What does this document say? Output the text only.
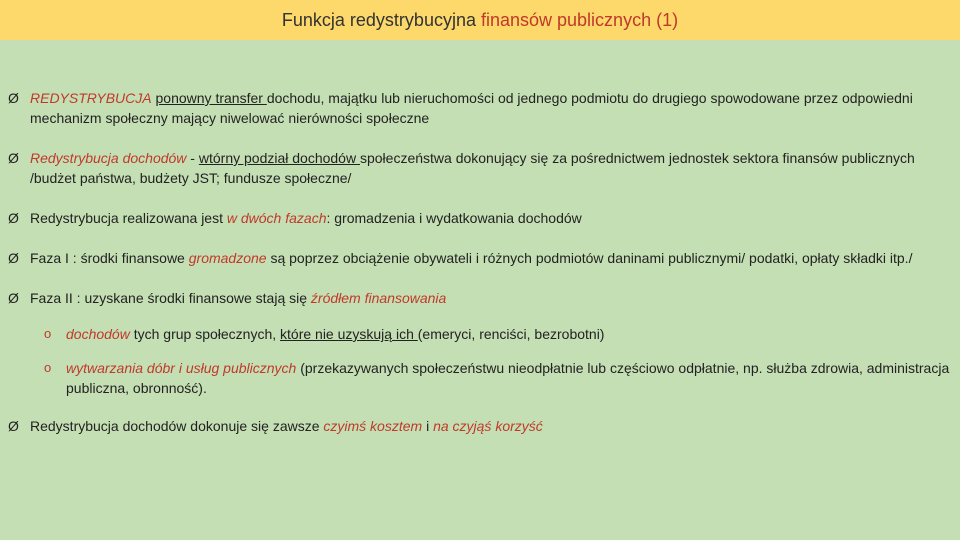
Funkcja redystrybucyjna finansów publicznych (1)
Ø REDYSTRYBUCJA ponowny transfer dochodu, majątku lub nieruchomości od jednego podmiotu do drugiego spowodowane przez odpowiedni mechanizm społeczny mający niwelować nierówności społeczne
Ø Redystrybucja dochodów - wtórny podział dochodów społeczeństwa dokonujący się za pośrednictwem jednostek sektora finansów publicznych /budżet państwa, budżety JST; fundusze społeczne/
Ø Redystrybucja realizowana jest w dwóch fazach: gromadzenia i wydatkowania dochodów
Ø Faza I : środki finansowe gromadzone są poprzez obciążenie obywateli i różnych podmiotów daninami publicznymi/ podatki, opłaty składki itp./
Ø Faza II : uzyskane środki finansowe stają się źródłem finansowania
o dochodów tych grup społecznych, które nie uzyskują ich (emeryci, renciści, bezrobotni)
o wytwarzania dóbr i usług publicznych (przekazywanych społeczeństwu nieodpłatnie lub częściowo odpłatnie, np. służba zdrowia, administracja publiczna, obronność).
Ø Redystrybucja dochodów dokonuje się zawsze czyimś kosztem i na czyjąś korzyść
